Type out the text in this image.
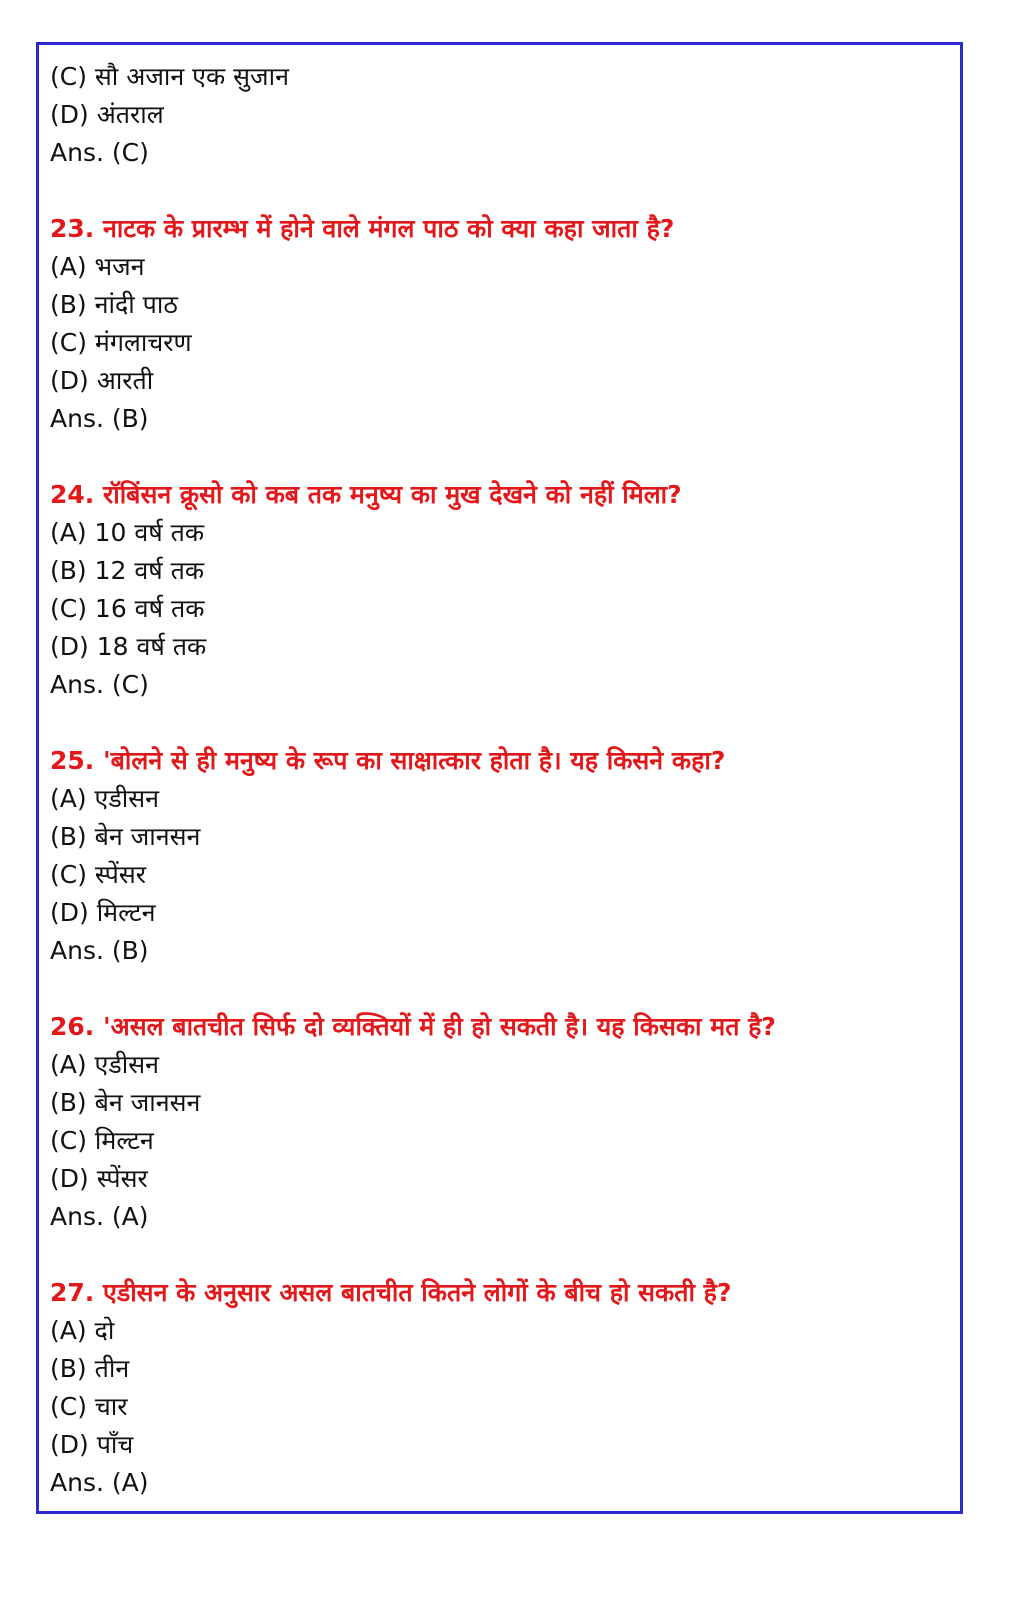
(C) सौ अजान एक सुजान
(D) अंतराल
Ans. (C)
23. नाटक के प्रारम्भ में होने वाले मंगल पाठ को क्या कहा जाता है?
(A) भजन
(B) नांदी पाठ
(C) मंगलाचरण
(D) आरती
Ans. (B)
24. रॉबिंसन क्रूसो को कब तक मनुष्य का मुख देखने को नहीं मिला?
(A) 10 वर्ष तक
(B) 12 वर्ष तक
(C) 16 वर्ष तक
(D) 18 वर्ष तक
Ans. (C)
25. 'बोलने से ही मनुष्य के रूप का साक्षात्कार होता है। यह किसने कहा?
(A) एडीसन
(B) बेन जानसन
(C) स्पेंसर
(D) मिल्टन
Ans. (B)
26. 'असल बातचीत सिर्फ दो व्यक्तियों में ही हो सकती है। यह किसका मत है?
(A) एडीसन
(B) बेन जानसन
(C) मिल्टन
(D) स्पेंसर
Ans. (A)
27. एडीसन के अनुसार असल बातचीत कितने लोगों के बीच हो सकती है?
(A) दो
(B) तीन
(C) चार
(D) पाँच
Ans. (A)
